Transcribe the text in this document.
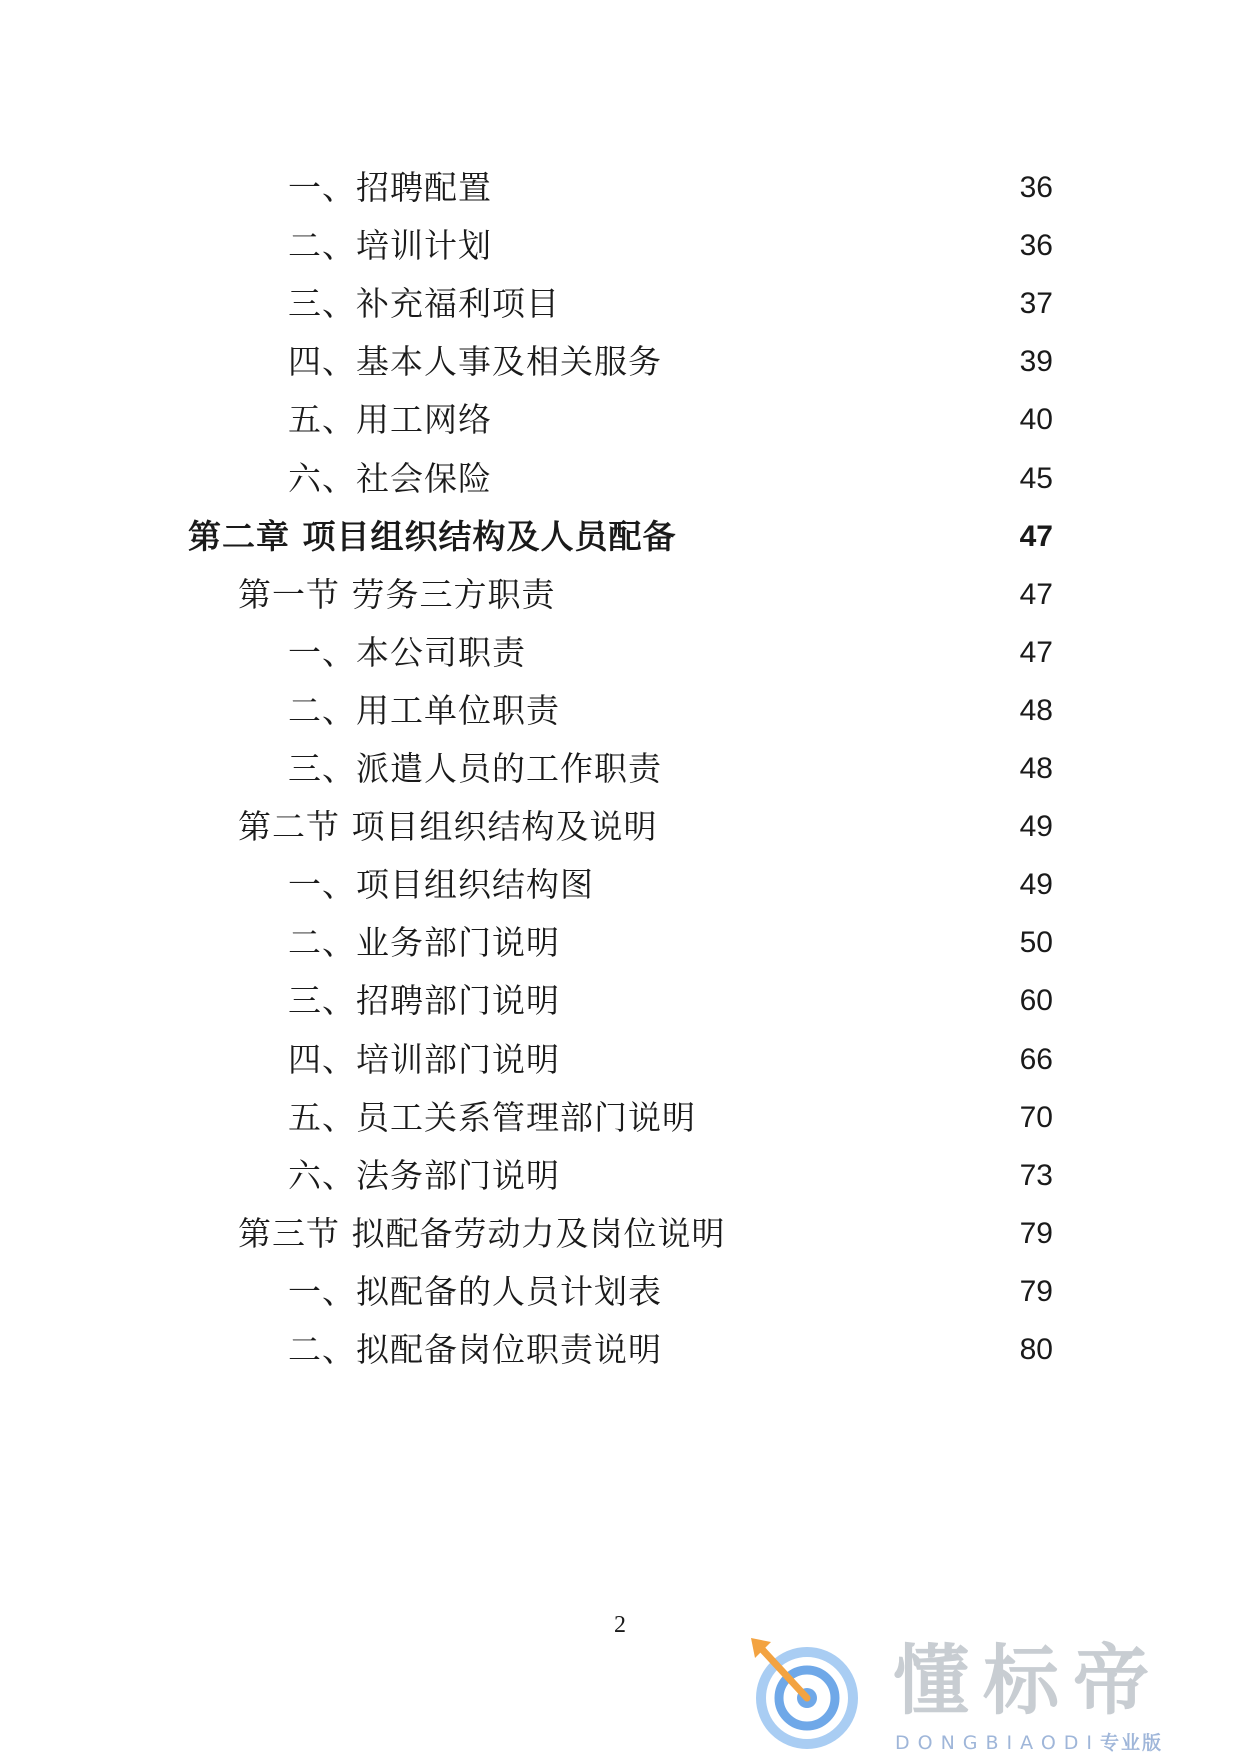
一、招聘配置	36
二、培训计划	36
三、补充福利项目	37
四、基本人事及相关服务	39
五、用工网络	40
六、社会保险	45
第二章 项目组织结构及人员配备	47
第一节 劳务三方职责	47
一、本公司职责	47
二、用工单位职责	48
三、派遣人员的工作职责	48
第二节 项目组织结构及说明	49
一、项目组织结构图	49
二、业务部门说明	50
三、招聘部门说明	60
四、培训部门说明	66
五、员工关系管理部门说明	70
六、法务部门说明	73
第三节 拟配备劳动力及岗位说明	79
一、拟配备的人员计划表	79
二、拟配备岗位职责说明	80
2
懂标帝
DONGBIAODI专业版
